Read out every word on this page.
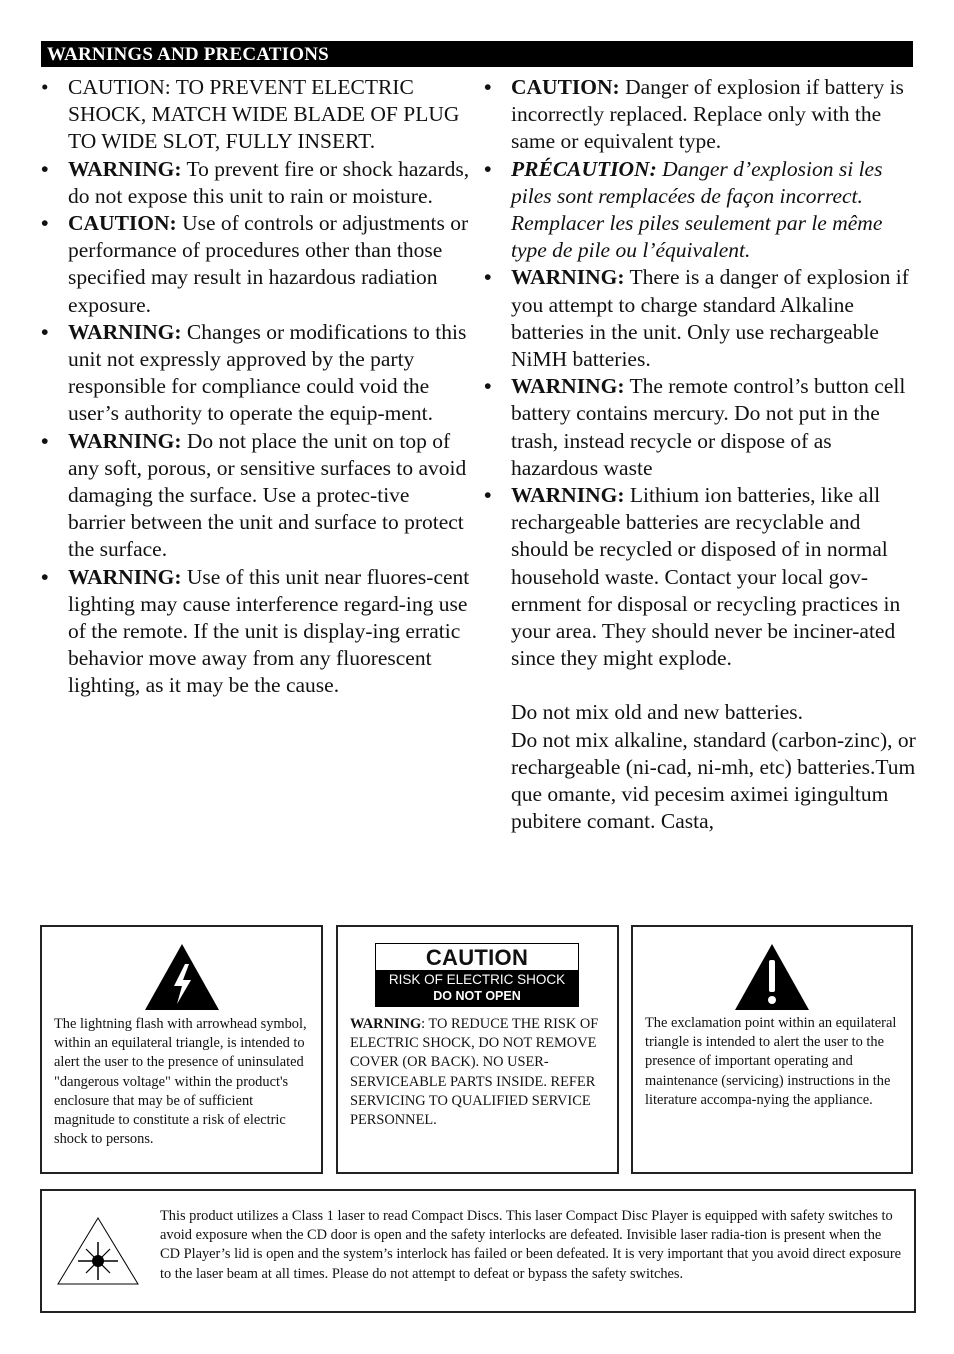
WARNINGS AND PRECATIONS
• CAUTION: TO PREVENT ELECTRIC SHOCK, MATCH WIDE BLADE OF PLUG TO WIDE SLOT, FULLY INSERT.
• WARNING: To prevent fire or shock hazards, do not expose this unit to rain or moisture.
• CAUTION: Use of controls or adjustments or performance of procedures other than those specified may result in hazardous radiation exposure.
• WARNING: Changes or modifications to this unit not expressly approved by the party responsible for compliance could void the user’s authority to operate the equip-ment.
• WARNING: Do not place the unit on top of any soft, porous, or sensitive surfaces to avoid damaging the surface. Use a protec-tive barrier between the unit and surface to protect the surface.
• WARNING: Use of this unit near fluores-cent lighting may cause interference regard-ing use of the remote. If the unit is display-ing erratic behavior move away from any fluorescent lighting, as it may be the cause.
• CAUTION: Danger of explosion if battery is incorrectly replaced. Replace only with the same or equivalent type.
• PRÉCAUTION: Danger d’explosion si les piles sont remplacées de façon incorrect. Remplacer les piles seulement par le même type de pile ou l’équivalent.
• WARNING: There is a danger of explosion if you attempt to charge standard Alkaline batteries in the unit. Only use rechargeable NiMH batteries.
• WARNING: The remote control’s button cell battery contains mercury. Do not put in the trash, instead recycle or dispose of as hazardous waste
• WARNING: Lithium ion batteries, like all rechargeable batteries are recyclable and should be recycled or disposed of in normal household waste. Contact your local gov-ernment for disposal or recycling practices in your area. They should never be inciner-ated since they might explode.
Do not mix old and new batteries.
Do not mix alkaline, standard (carbon-zinc), or rechargeable (ni-cad, ni-mh, etc) batteries.Tum que omante, vid pecesim aximei igingultum pubitere comant. Casta,
The lightning flash with arrowhead symbol, within an equilateral triangle, is intended to alert the user to the presence of uninsulated "dangerous voltage" within the product's enclosure that may be of sufficient magnitude to constitute a risk of electric shock to persons.
CAUTION
RISK OF ELECTRIC SHOCK
DO NOT OPEN
WARNING: TO REDUCE THE RISK OF ELECTRIC SHOCK, DO NOT REMOVE COVER (OR BACK). NO USER-SERVICEABLE PARTS INSIDE. REFER SERVICING TO QUALIFIED SERVICE PERSONNEL.
The exclamation point within an equilateral triangle is intended to alert the user to the presence of important operating and maintenance (servicing) instructions in the literature accompa-nying the appliance.
This product utilizes a Class 1 laser to read Compact Discs. This laser Compact Disc Player is equipped with safety switches to avoid exposure when the CD door is open and the safety interlocks are defeated. Invisible laser radia-tion is present when the CD Player’s lid is open and the system’s interlock has failed or been defeated. It is very important that you avoid direct exposure to the laser beam at all times. Please do not attempt to defeat or bypass the safety switches.
